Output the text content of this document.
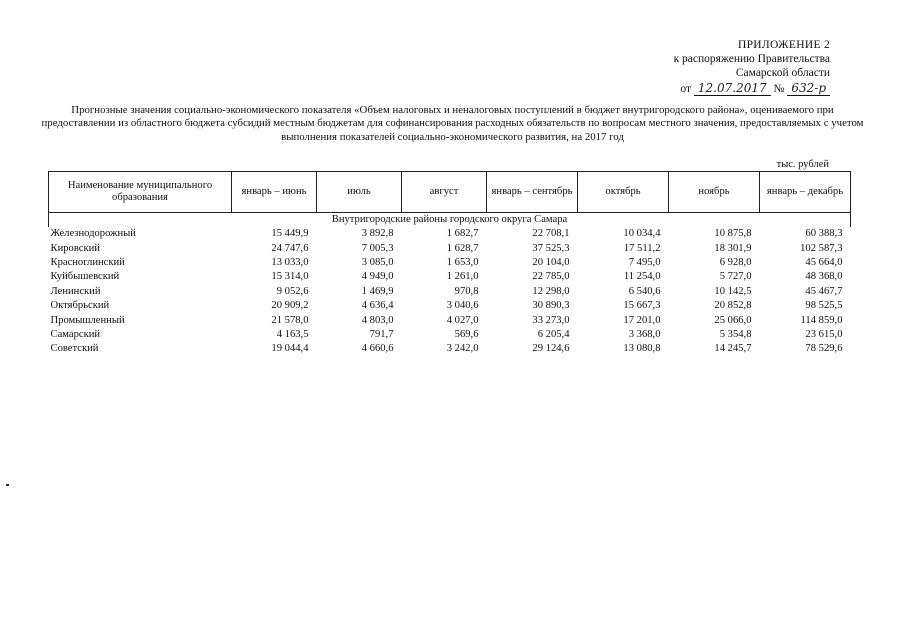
ПРИЛОЖЕНИЕ 2
к распоряжению Правительства
Самарской области
от 12.07.2017 № 632-р
Прогнозные значения социально-экономического показателя «Объем налоговых и неналоговых поступлений в бюджет внутригородского района», оцениваемого при предоставлении из областного бюджета субсидий местным бюджетам для софинансирования расходных обязательств по вопросам местного значения, предоставляемых с учетом выполнения показателей социально-экономического развития, на 2017 год
тыс. рублей
Наименование муниципального образования	январь – июнь	июль	август	январь – сентябрь	октябрь	ноябрь	январь – декабрь
Внутригородские районы городского округа Самара							
Железнодорожный	15 449,9	3 892,8	1 682,7	22 708,1	10 034,4	10 875,8	60 388,3
Кировский	24 747,6	7 005,3	1 628,7	37 525,3	17 511,2	18 301,9	102 587,3
Красноглинский	13 033,0	3 085,0	1 653,0	20 104,0	7 495,0	6 928,0	45 664,0
Куйбышевский	15 314,0	4 949,0	1 261,0	22 785,0	11 254,0	5 727,0	48 368,0
Ленинский	9 052,6	1 469,9	970,8	12 298,0	6 540,6	10 142,5	45 467,7
Октябрьский	20 909,2	4 636,4	3 040,6	30 890,3	15 667,3	20 852,8	98 525,5
Промышленный	21 578,0	4 803,0	4 027,0	33 273,0	17 201,0	25 066,0	114 859,0
Самарский	4 163,5	791,7	569,6	6 205,4	3 368,0	5 354,8	23 615,0
Советский	19 044,4	4 660,6	3 242,0	29 124,6	13 080,8	14 245,7	78 529,6
